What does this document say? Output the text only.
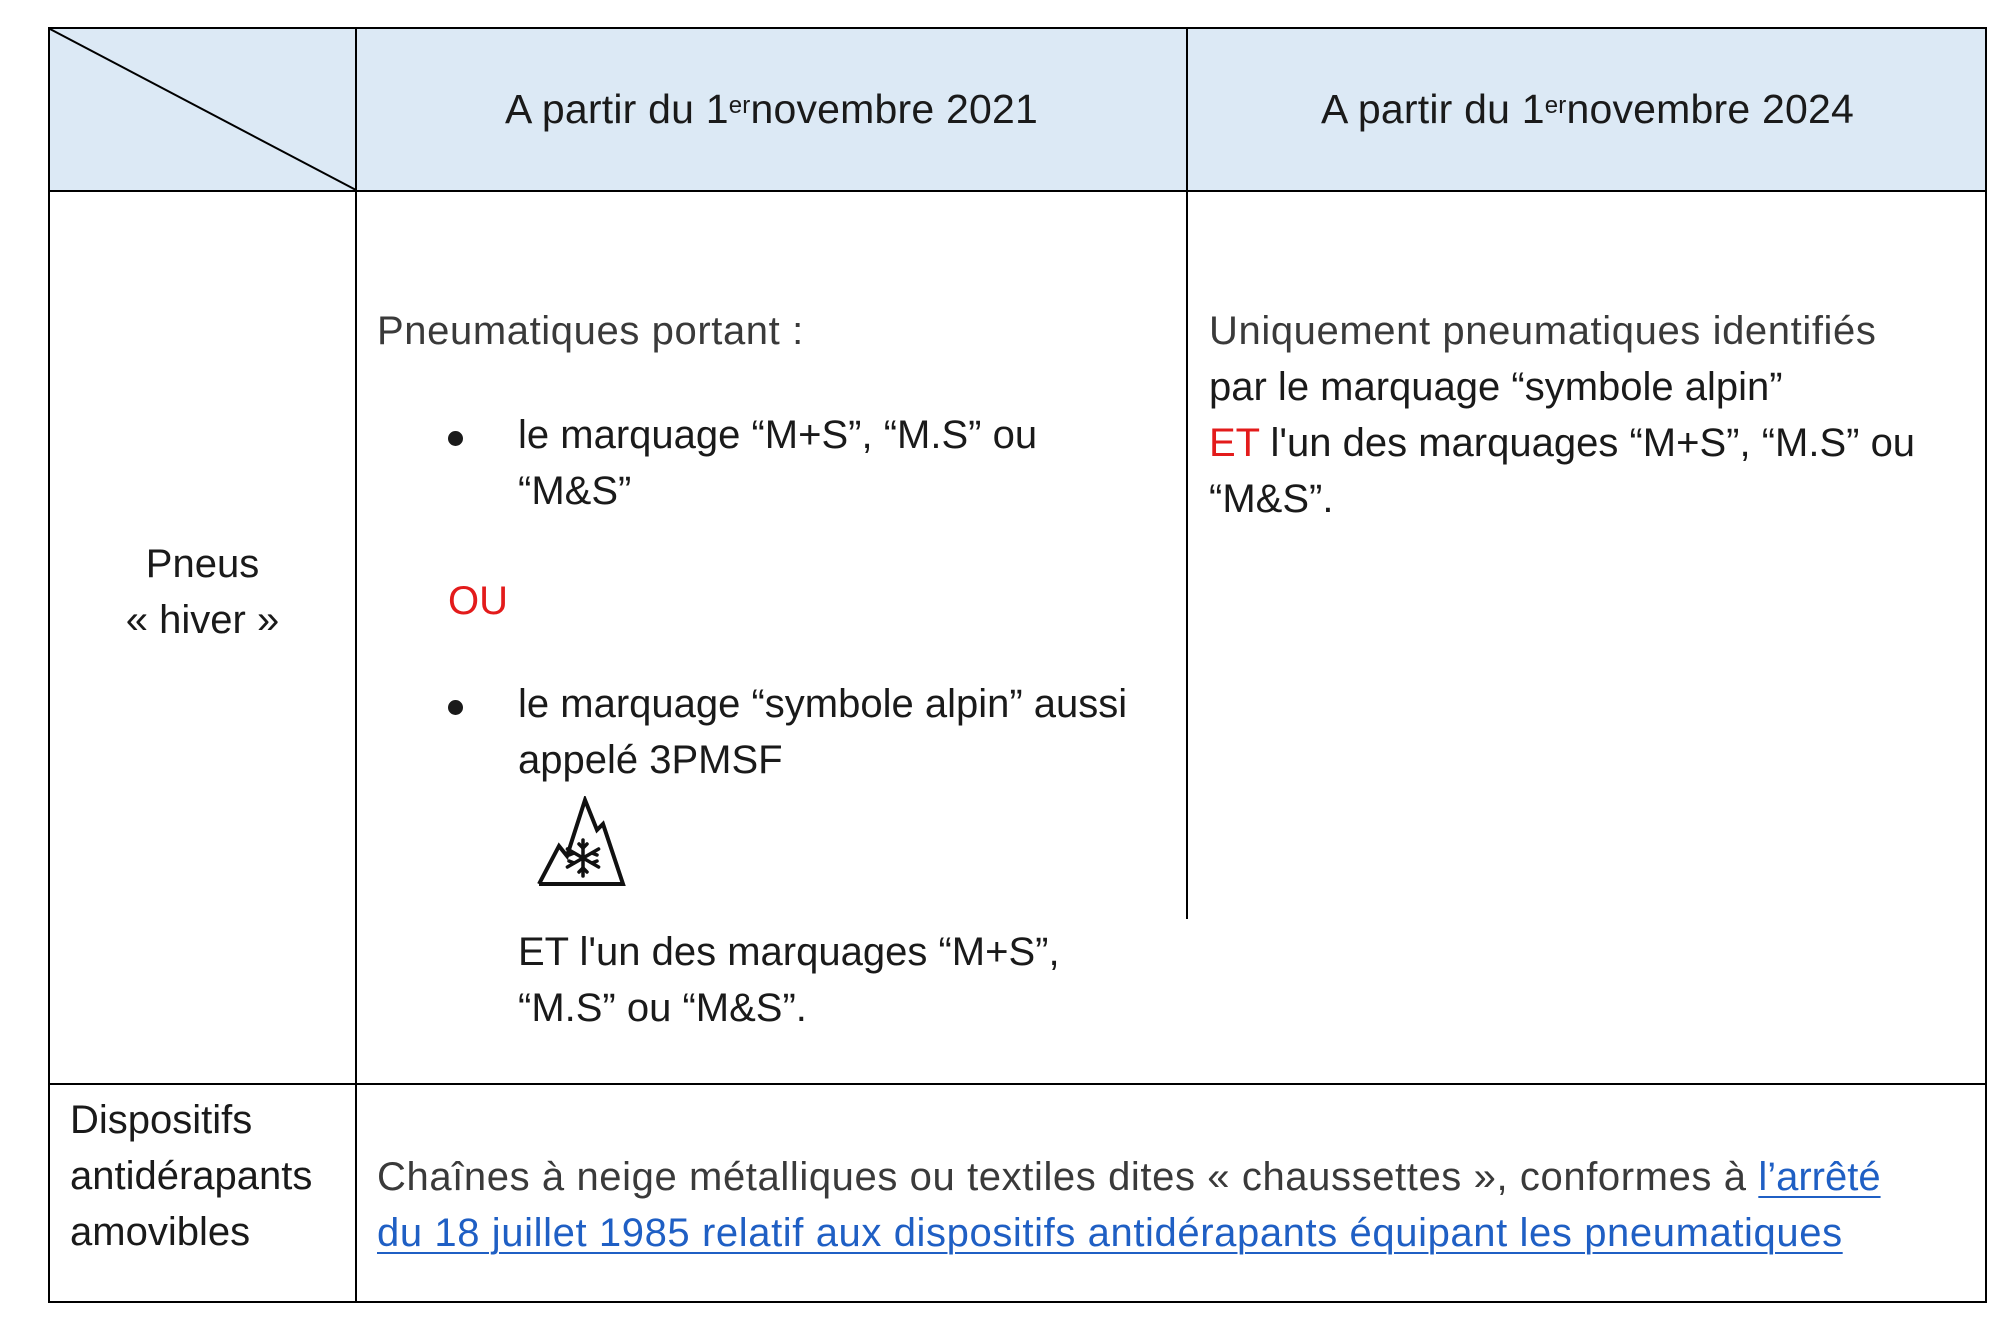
A partir du 1er novembre 2021	A partir du 1er novembre 2024
Pneus
« hiver »
Pneumatiques portant :
le marquage “M+S”, “M.S” ou
“M&S”
OU
le marquage “symbole alpin” aussi
appelé 3PMSF
ET l'un des marquages “M+S”,
“M.S” ou “M&S”.
Uniquement pneumatiques identifiés
par le marquage “symbole alpin”
ET l'un des marquages “M+S”, “M.S” ou
“M&S”.
Dispositifs
antidérapants
amovibles
Chaînes à neige métalliques ou textiles dites « chaussettes », conformes à l’arrêté
du 18 juillet 1985 relatif aux dispositifs antidérapants équipant les pneumatiques
